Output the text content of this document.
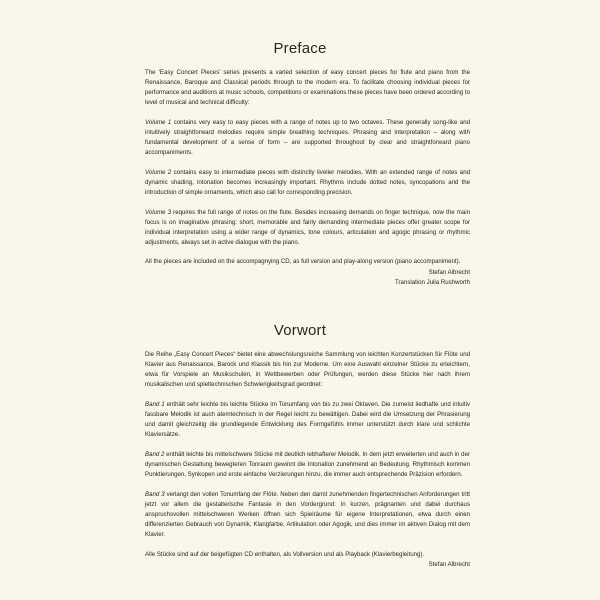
Preface

The ‘Easy Concert Pieces’ series presents a varied selection of easy concert pieces for flute and piano from the Renaissance, Baroque and Classical periods through to the modern era. To facilitate choosing individual pieces for performance and auditions at music schools, competitions or examinations these pieces have been ordered according to level of musical and technical difficulty:

Volume 1 contains very easy to easy pieces with a range of notes up to two octaves. These generally song-like and intuitively straightforward melodies require simple breathing techniques. Phrasing and interpretation – along with fundamental development of a sense of form – are supported throughout by clear and straightforward piano accompaniments.

Volume 2 contains easy to intermediate pieces with distinctly livelier melodies. With an extended range of notes and dynamic shading, intonation becomes increasingly important. Rhythms include dotted notes, syncopations and the introduction of simple ornaments, which also call for corresponding precision.

Volume 3 requires the full range of notes on the flute. Besides increasing demands on finger technique, now the main focus is on imaginative phrasing: short, memorable and fairly demanding intermediate pieces offer greater scope for individual interpretation using a wider range of dynamics, tone colours, articulation and agogic phrasing or rhythmic adjustments, always set in active dialogue with the piano.

All the pieces are included on the accompagnying CD, as full version and play-along version (piano accompaniment).

Stefan Albrecht
Translation Julia Rushworth
Vorwort

Die Reihe „Easy Concert Pieces“ bietet eine abwechslungsreiche Sammlung von leichten Konzertstücken für Flöte und Klavier aus Renaissance, Barock und Klassik bis hin zur Moderne. Um eine Auswahl einzelner Stücke zu erleichtern, etwa für Vorspiele an Musikschulen, in Wettbewerben oder Prüfungen, werden diese Stücke hier nach ihrem musikalischen und spieltechnischen Schwierigkeitsgrad geordnet:

Band 1 enthält sehr leichte bis leichte Stücke im Tonumfang von bis zu zwei Oktaven. Die zumeist liedhafte und intuitiv fassbare Melodik ist auch atemtechnisch in der Regel leicht zu bewältigen. Dabei wird die Umsetzung der Phrasierung und damit gleichzeitig die grundlegende Entwicklung des Formgefühls immer unterstützt durch klare und schlichte Klaviersätze.

Band 2 enthält leichte bis mittelschwere Stücke mit deutlich lebhafterer Melodik. In dem jetzt erweiterten und auch in der dynamischen Gestaltung bewegteren Tonraum gewinnt die Intonation zunehmend an Bedeutung. Rhythmisch kommen Punktierungen, Synkopen und erste einfache Verzierungen hinzu, die immer auch entsprechende Präzision erfordern.

Band 3 verlangt den vollen Tonumfang der Flöte. Neben den damit zunehmenden fingertechnischen Anforderungen tritt jetzt vor allem die gestalterische Fantasie in den Vordergrund: In kurzen, prägnanten und dabei durchaus anspruchsvollen mittelschweren Werken öffnen sich Spielräume für eigene Interpretationen, etwa durch einen differenzierten Gebrauch von Dynamik, Klangfarbe, Artikulation oder Agogik, und dies immer im aktiven Dialog mit dem Klavier.

Alle Stücke sind auf der beigefügten CD enthalten, als Vollversion und als Playback (Klavierbegleitung).

Stefan Albrecht
